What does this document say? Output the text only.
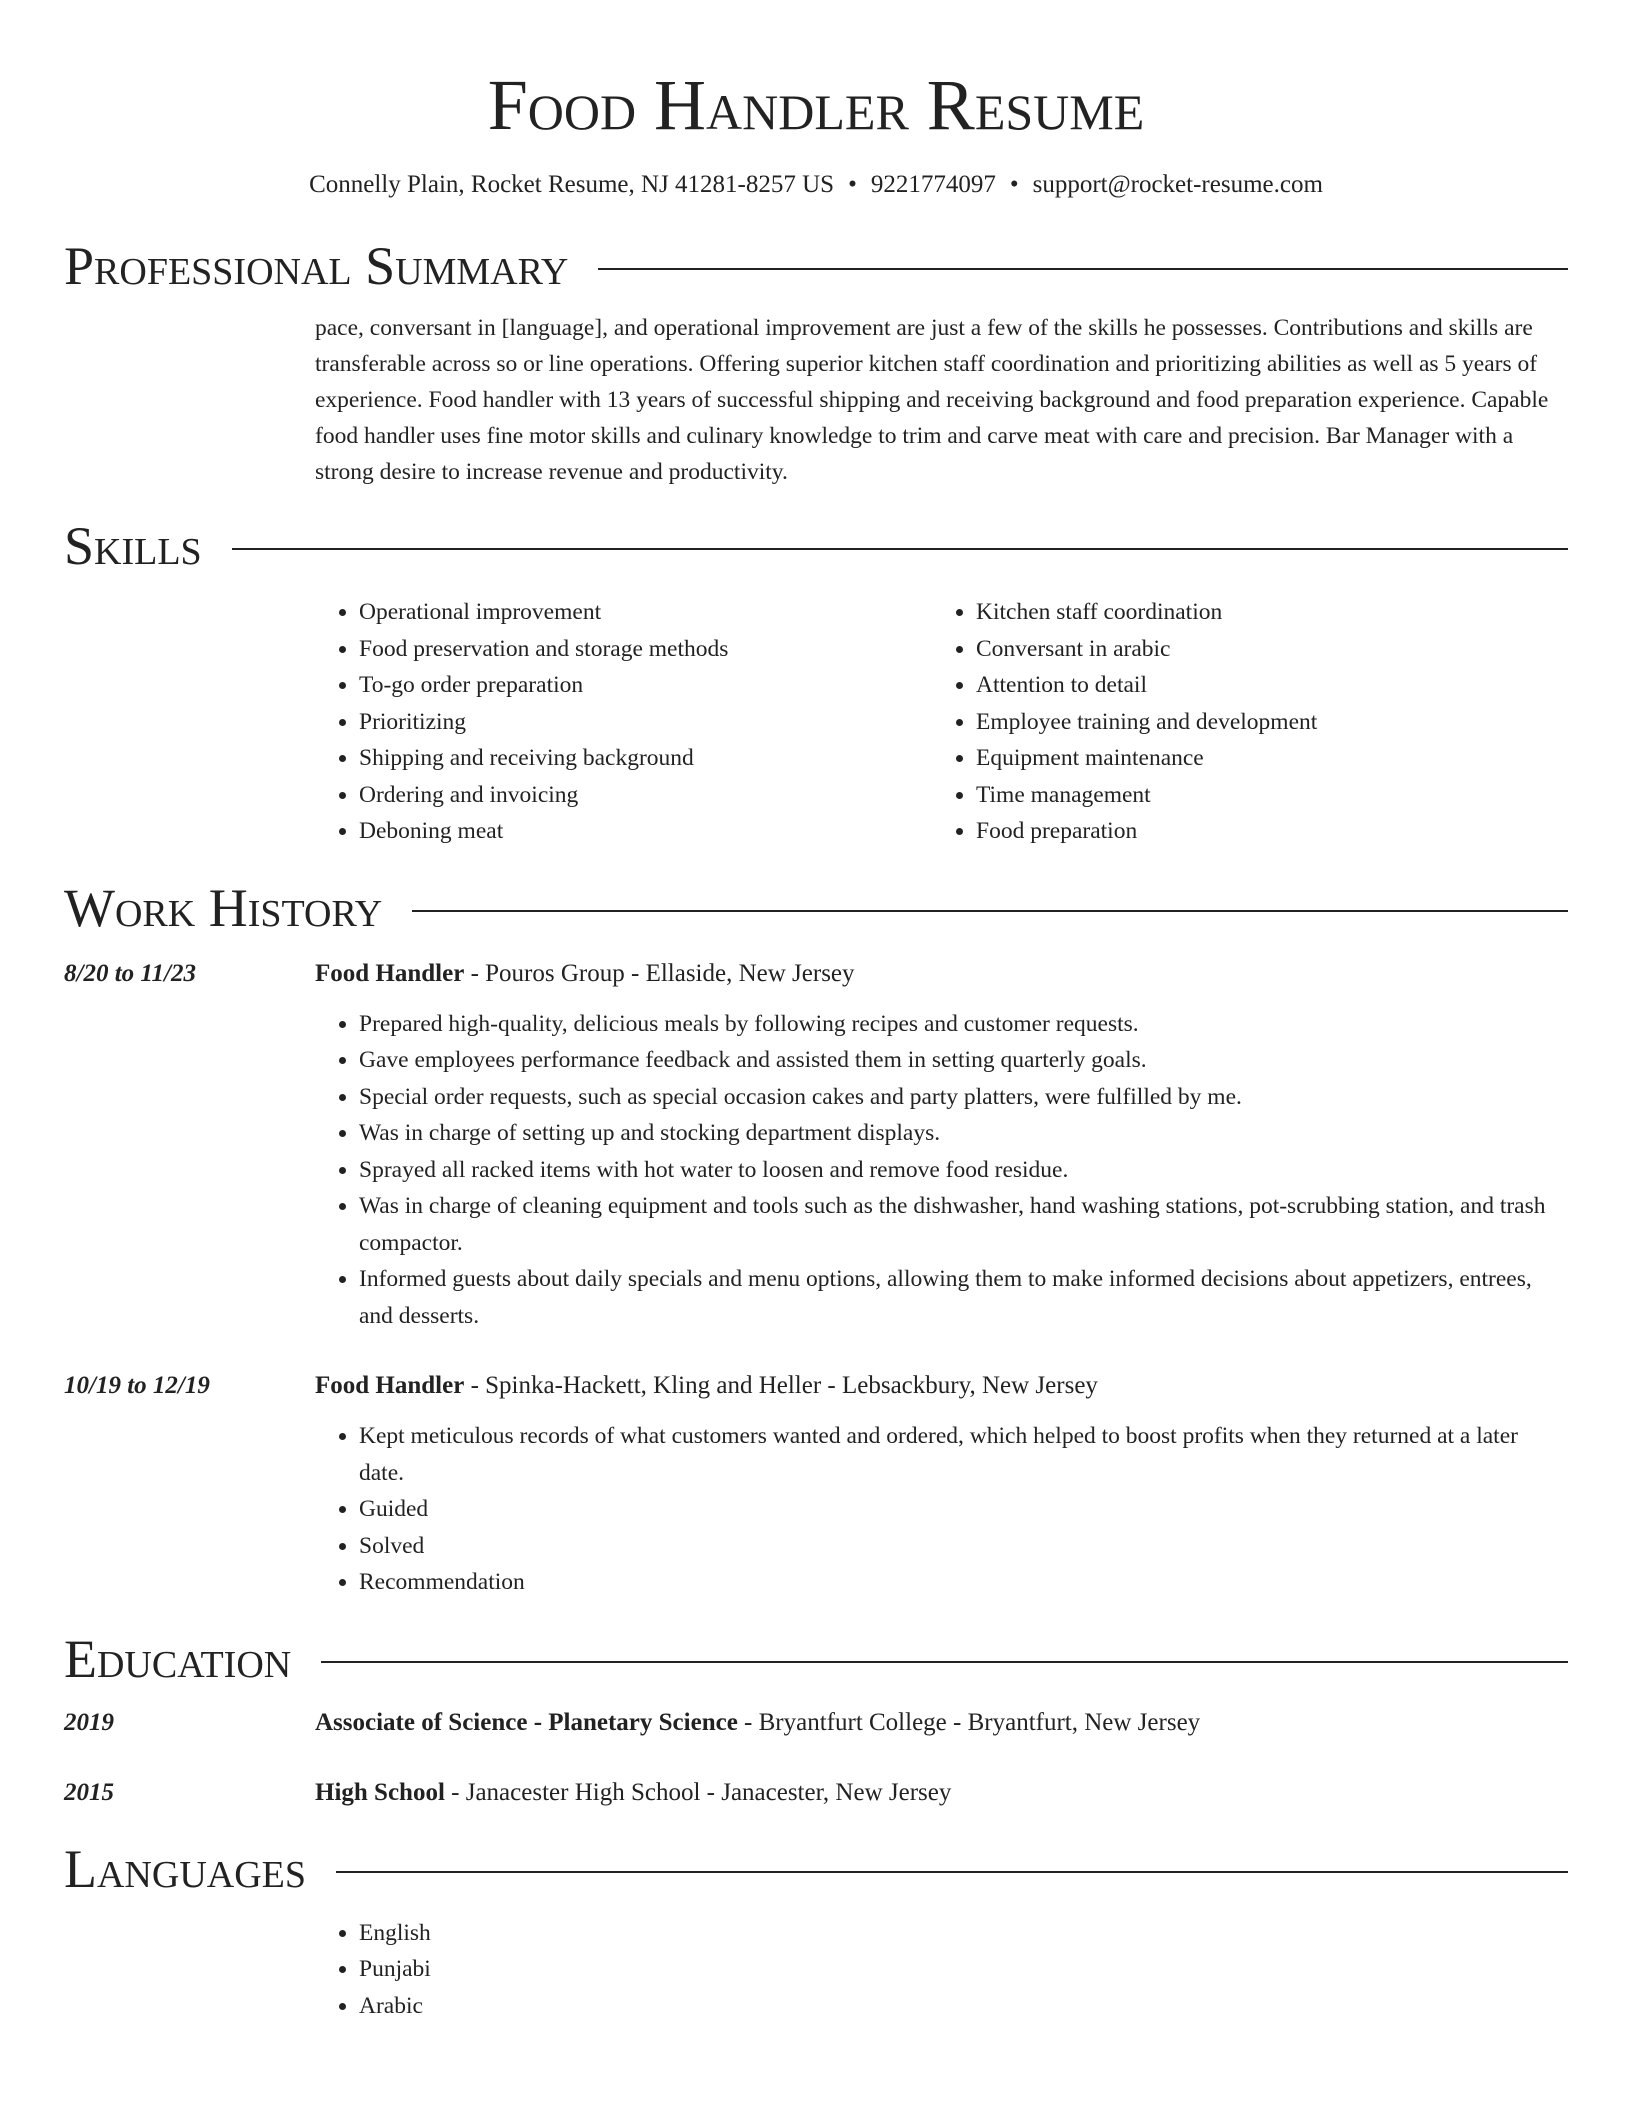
Food Handler Resume
Connelly Plain, Rocket Resume, NJ 41281-8257 US • 9221774097 • support@rocket-resume.com
Professional Summary

pace, conversant in [language], and operational improvement are just a few of the skills he possesses. Contributions and skills are transferable across so or line operations. Offering superior kitchen staff coordination and prioritizing abilities as well as 5 years of experience. Food handler with 13 years of successful shipping and receiving background and food preparation experience. Capable food handler uses fine motor skills and culinary knowledge to trim and carve meat with care and precision. Bar Manager with a strong desire to increase revenue and productivity.

Skills
• Operational improvement
• Food preservation and storage methods
• To-go order preparation
• Prioritizing
• Shipping and receiving background
• Ordering and invoicing
• Deboning meat
• Kitchen staff coordination
• Conversant in arabic
• Attention to detail
• Employee training and development
• Equipment maintenance
• Time management
• Food preparation
Work History
8/20 to 11/23	Food Handler - Pouros Group - Ellaside, New Jersey
• Prepared high-quality, delicious meals by following recipes and customer requests.
• Gave employees performance feedback and assisted them in setting quarterly goals.
• Special order requests, such as special occasion cakes and party platters, were fulfilled by me.
• Was in charge of setting up and stocking department displays.
• Sprayed all racked items with hot water to loosen and remove food residue.
• Was in charge of cleaning equipment and tools such as the dishwasher, hand washing stations, pot-scrubbing station, and trash compactor.
• Informed guests about daily specials and menu options, allowing them to make informed decisions about appetizers, entrees, and desserts.
10/19 to 12/19	Food Handler - Spinka-Hackett, Kling and Heller - Lebsackbury, New Jersey
• Kept meticulous records of what customers wanted and ordered, which helped to boost profits when they returned at a later date.
• Guided
• Solved
• Recommendation
Education
2019	Associate of Science - Planetary Science - Bryantfurt College - Bryantfurt, New Jersey
2015	High School - Janacester High School - Janacester, New Jersey
Languages
• English
• Punjabi
• Arabic
